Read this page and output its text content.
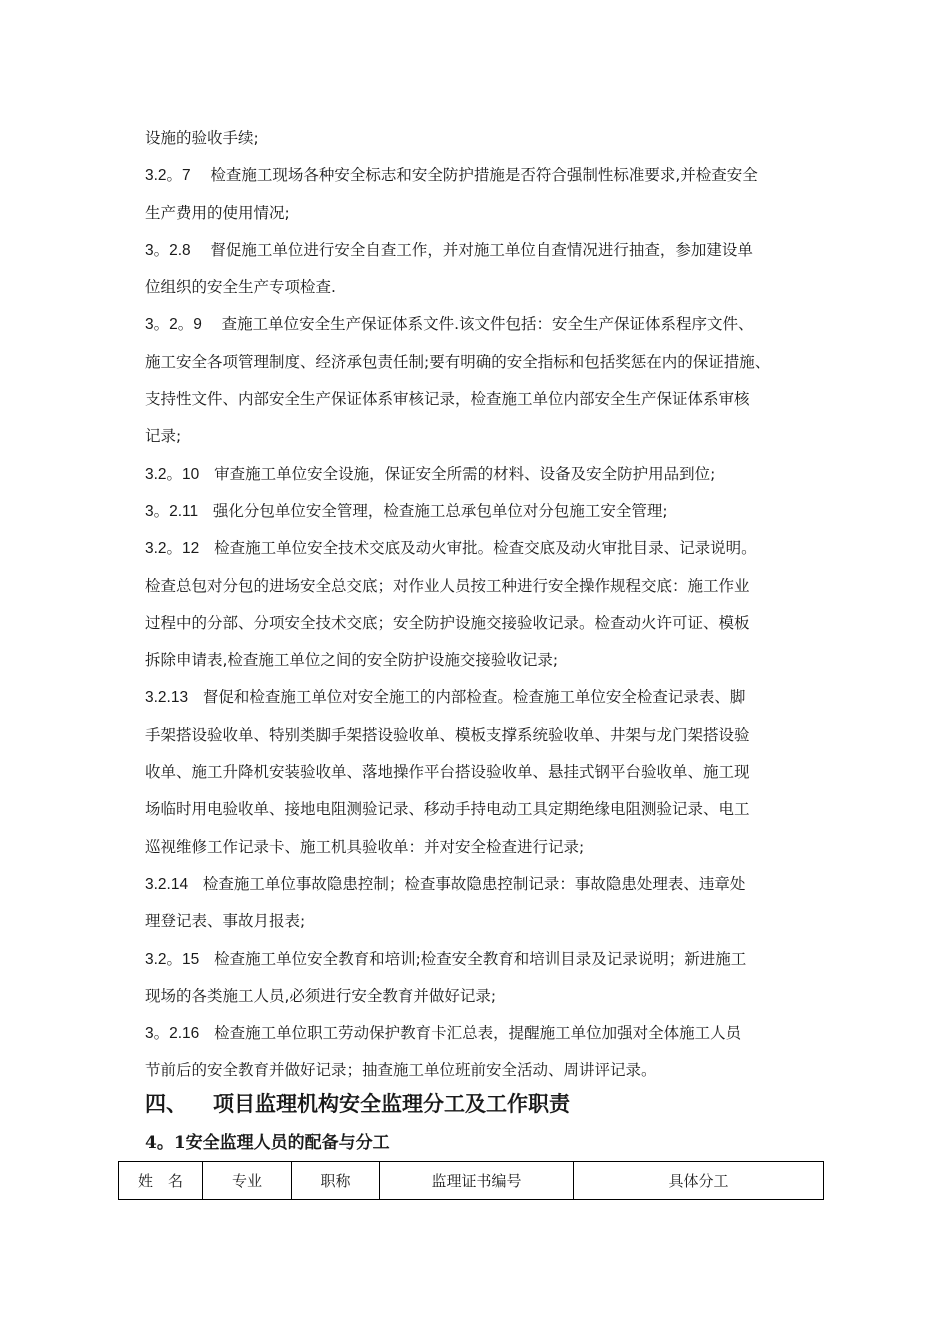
设施的验收手续;
3.2。7    检查施工现场各种安全标志和安全防护措施是否符合强制性标准要求,并检查安全
生产费用的使用情况;
3。2.8    督促施工单位进行安全自查工作，并对施工单位自查情况进行抽查，参加建设单
位组织的安全生产专项检查.
3。2。9    查施工单位安全生产保证体系文件.该文件包括：安全生产保证体系程序文件、
施工安全各项管理制度、经济承包责任制;要有明确的安全指标和包括奖惩在内的保证措施、
支持性文件、内部安全生产保证体系审核记录，检查施工单位内部安全生产保证体系审核
记录;
3.2。10   审查施工单位安全设施，保证安全所需的材料、设备及安全防护用品到位;
3。2.11   强化分包单位安全管理，检查施工总承包单位对分包施工安全管理;
3.2。12   检查施工单位安全技术交底及动火审批。检查交底及动火审批目录、记录说明。
检查总包对分包的进场安全总交底；对作业人员按工种进行安全操作规程交底：施工作业
过程中的分部、分项安全技术交底；安全防护设施交接验收记录。检查动火许可证、模板
拆除申请表,检查施工单位之间的安全防护设施交接验收记录;
3.2.13   督促和检查施工单位对安全施工的内部检查。检查施工单位安全检查记录表、脚
手架搭设验收单、特别类脚手架搭设验收单、模板支撑系统验收单、井架与龙门架搭设验
收单、施工升降机安装验收单、落地操作平台搭设验收单、悬挂式钢平台验收单、施工现
场临时用电验收单、接地电阻测验记录、移动手持电动工具定期绝缘电阻测验记录、电工
巡视维修工作记录卡、施工机具验收单：并对安全检查进行记录;
3.2.14   检查施工单位事故隐患控制；检查事故隐患控制记录：事故隐患处理表、违章处
理登记表、事故月报表;
3.2。15   检查施工单位安全教育和培训;检查安全教育和培训目录及记录说明；新进施工
现场的各类施工人员,必须进行安全教育并做好记录;
3。2.16   检查施工单位职工劳动保护教育卡汇总表，提醒施工单位加强对全体施工人员
节前后的安全教育并做好记录；抽查施工单位班前安全活动、周讲评记录。
四、 项目监理机构安全监理分工及工作职责
4。1安全监理人员的配备与分工
姓　名	专业	职称	监理证书编号	具体分工
